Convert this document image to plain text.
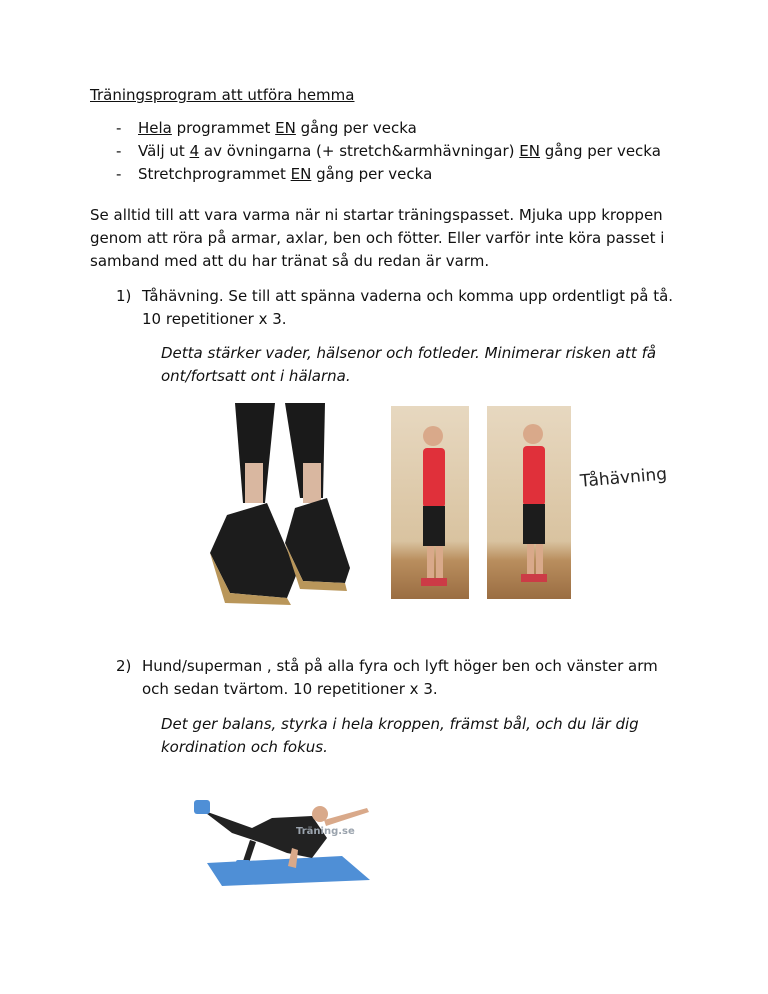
Träningsprogram att utföra hemma
- Hela programmet EN gång per vecka
- Välj ut 4 av övningarna (+ stretch&armhävningar) EN gång per vecka
- Stretchprogrammet EN gång per vecka
Se alltid till att vara varma när ni startar träningspasset. Mjuka upp kroppen genom att röra på armar, axlar, ben och fötter. Eller varför inte köra passet i samband med att du har tränat så du redan är varm.
1) Tåhävning. Se till att spänna vaderna och komma upp ordentligt på tå. 10 repetitioner x 3.
Detta stärker vader, hälsenor och fotleder. Minimerar risken att få ont/fortsatt ont i hälarna.
Tåhävning
2) Hund/superman , stå på alla fyra och lyft höger ben och vänster arm och sedan tvärtom. 10 repetitioner x 3.
Det ger balans, styrka i hela kroppen, främst bål, och du lär dig kordination och fokus.
Träning.se
